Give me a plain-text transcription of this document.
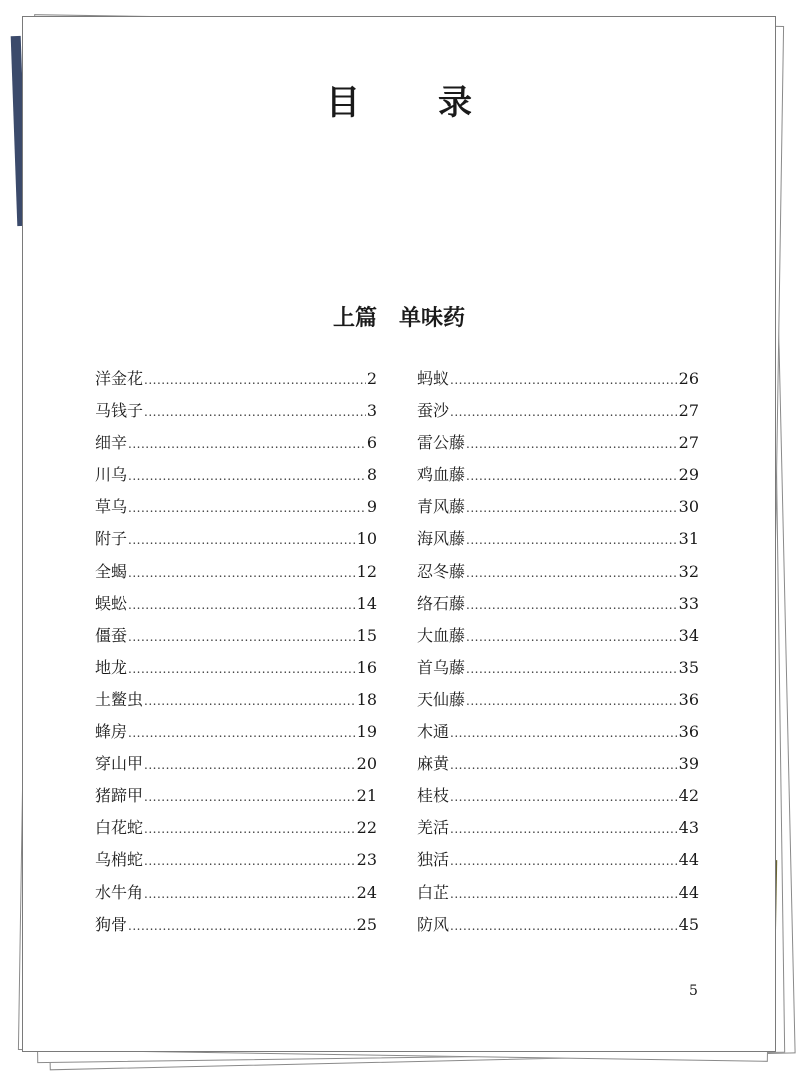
目　录
上篇　单味药
洋金花 .....	2
马钱子 .....	3
细辛 .....	6
川乌 .....	8
草乌 .....	9
附子 .....	10
全蝎 .....	12
蜈蚣 .....	14
僵蚕 .....	15
地龙 .....	16
土鳖虫 .....	18
蜂房 .....	19
穿山甲 .....	20
猪蹄甲 .....	21
白花蛇 .....	22
乌梢蛇 .....	23
水牛角 .....	24
狗骨 .....	25
蚂蚁 .....	26
蚕沙 .....	27
雷公藤 .....	27
鸡血藤 .....	29
青风藤 .....	30
海风藤 .....	31
忍冬藤 .....	32
络石藤 .....	33
大血藤 .....	34
首乌藤 .....	35
天仙藤 .....	36
木通 .....	36
麻黄 .....	39
桂枝 .....	42
羌活 .....	43
独活 .....	44
白芷 .....	44
防风 .....	45
5
